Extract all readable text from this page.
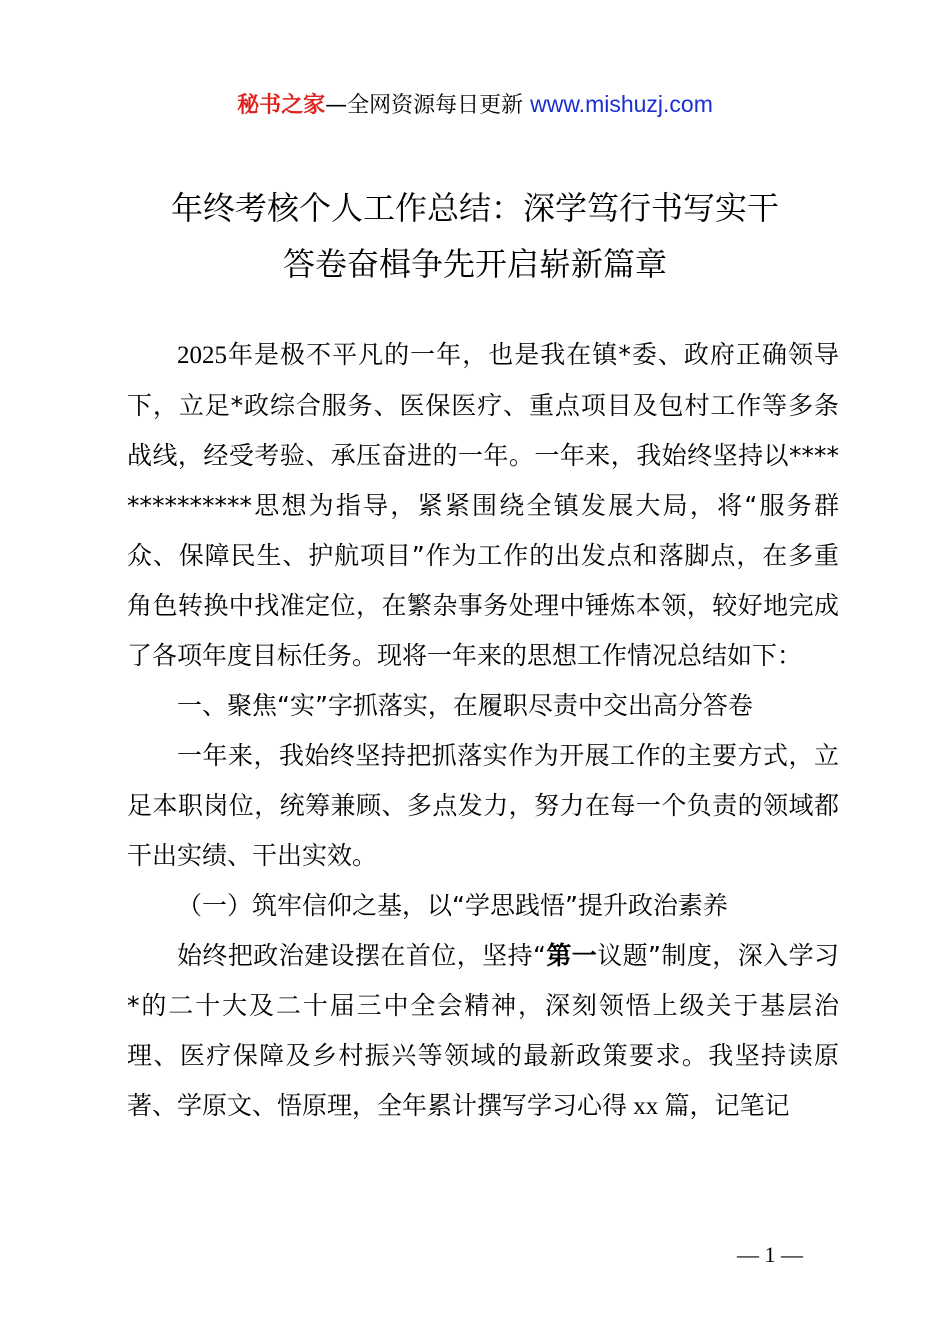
秘书之家—全网资源每日更新 www.mishuzj.com
年终考核个人工作总结：深学笃行书写实干
答卷奋楫争先开启崭新篇章

2025年是极不平凡的一年，也是我在镇*委、政府正确领导下，立足*政综合服务、医保医疗、重点项目及包村工作等多条战线，经受考验、承压奋进的一年。一年来，我始终坚持以**************思想为指导，紧紧围绕全镇发展大局，将“服务群众、保障民生、护航项目”作为工作的出发点和落脚点，在多重角色转换中找准定位，在繁杂事务处理中锤炼本领，较好地完成了各项年度目标任务。现将一年来的思想工作情况总结如下：

一、聚焦“实”字抓落实，在履职尽责中交出高分答卷

一年来，我始终坚持把抓落实作为开展工作的主要方式，立足本职岗位，统筹兼顾、多点发力，努力在每一个负责的领域都干出实绩、干出实效。

（一）筑牢信仰之基，以“学思践悟”提升政治素养

始终把政治建设摆在首位，坚持“第一议题”制度，深入学习*的二十大及二十届三中全会精神，深刻领悟上级关于基层治理、医疗保障及乡村振兴等领域的最新政策要求。我坚持读原著、学原文、悟原理，全年累计撰写学习心得 xx 篇，记笔记

— 1 —
